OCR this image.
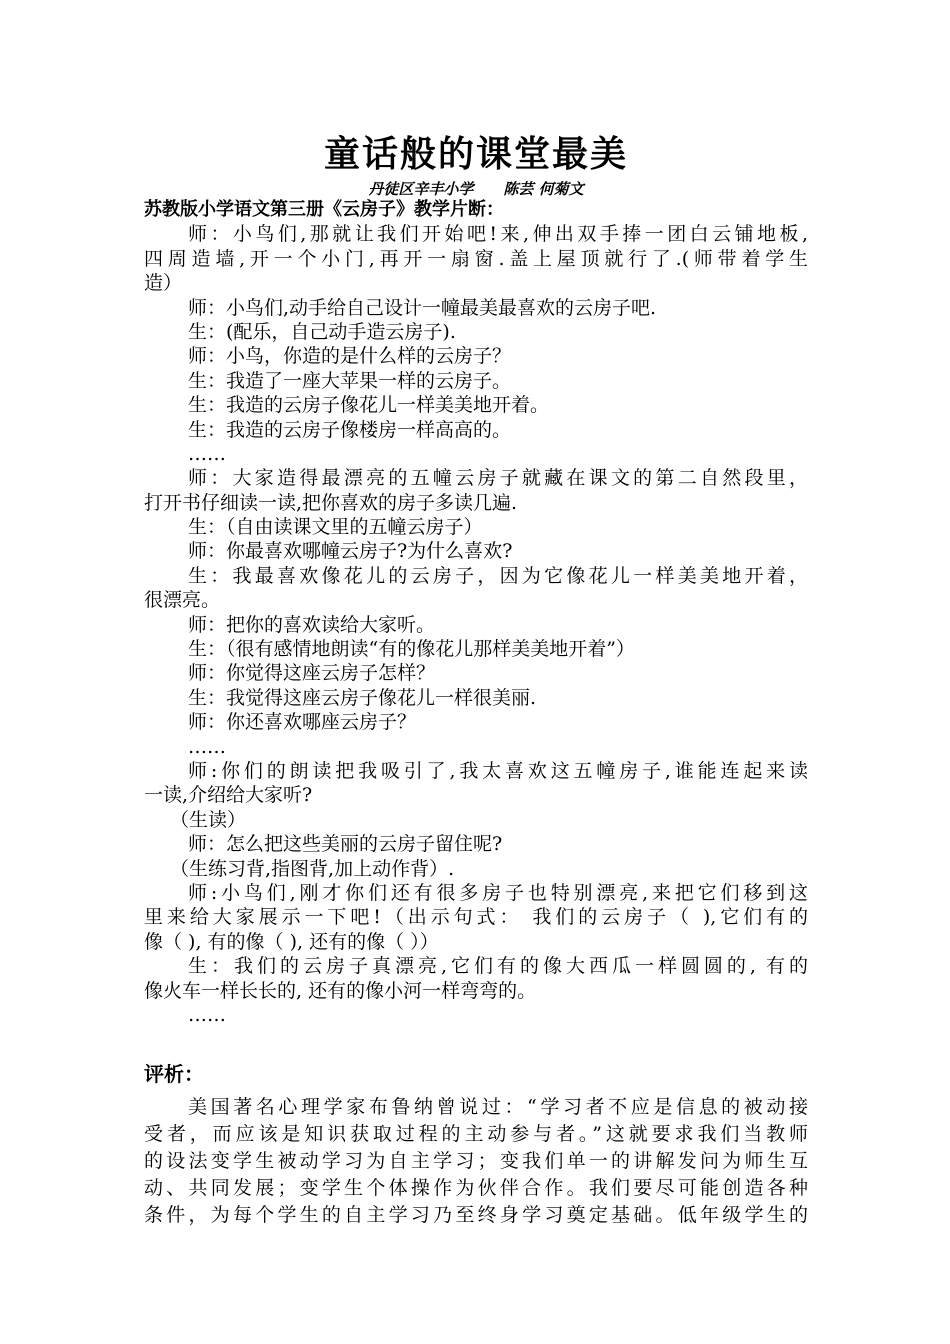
童话般的课堂最美
丹徒区辛丰小学 陈芸 何菊文
苏教版小学语文第三册《云房子》教学片断：
师：小鸟们,那就让我们开始吧!来,伸出双手捧一团白云铺地板,
四周造墙,开一个小门,再开一扇窗.盖上屋顶就行了.(师带着学生
造）
师：小鸟们,动手给自己设计一幢最美最喜欢的云房子吧.
生：(配乐，自己动手造云房子).
师：小鸟，你造的是什么样的云房子？
生：我造了一座大苹果一样的云房子。
生：我造的云房子像花儿一样美美地开着。
生：我造的云房子像楼房一样高高的。
……
师：大家造得最漂亮的五幢云房子就藏在课文的第二自然段里，
打开书仔细读一读,把你喜欢的房子多读几遍.
生：（自由读课文里的五幢云房子）
师：你最喜欢哪幢云房子?为什么喜欢?
生：我最喜欢像花儿的云房子，因为它像花儿一样美美地开着，
很漂亮。
师：把你的喜欢读给大家听。
生：（很有感情地朗读“有的像花儿那样美美地开着”）
师：你觉得这座云房子怎样？
生：我觉得这座云房子像花儿一样很美丽.
师：你还喜欢哪座云房子？
……
师:你们的朗读把我吸引了,我太喜欢这五幢房子,谁能连起来读
一读,介绍给大家听?
（生读）
师：怎么把这些美丽的云房子留住呢?
（生练习背,指图背,加上动作背）.
师:小鸟们,刚才你们还有很多房子也特别漂亮,来把它们移到这
里来给大家展示一下吧!（出示句式： 我们的云房子（ ),它们有的
像（ ), 有的像（ ), 还有的像（ ））
生：我们的云房子真漂亮,它们有的像大西瓜一样圆圆的, 有的
像火车一样长长的, 还有的像小河一样弯弯的。
……
评析：
美国著名心理学家布鲁纳曾说过：“学习者不应是信息的被动接
受者，而应该是知识获取过程的主动参与者。”这就要求我们当教师
的设法变学生被动学习为自主学习；变我们单一的讲解发问为师生互
动、共同发展；变学生个体操作为伙伴合作。我们要尽可能创造各种
条件，为每个学生的自主学习乃至终身学习奠定基础。低年级学生的
